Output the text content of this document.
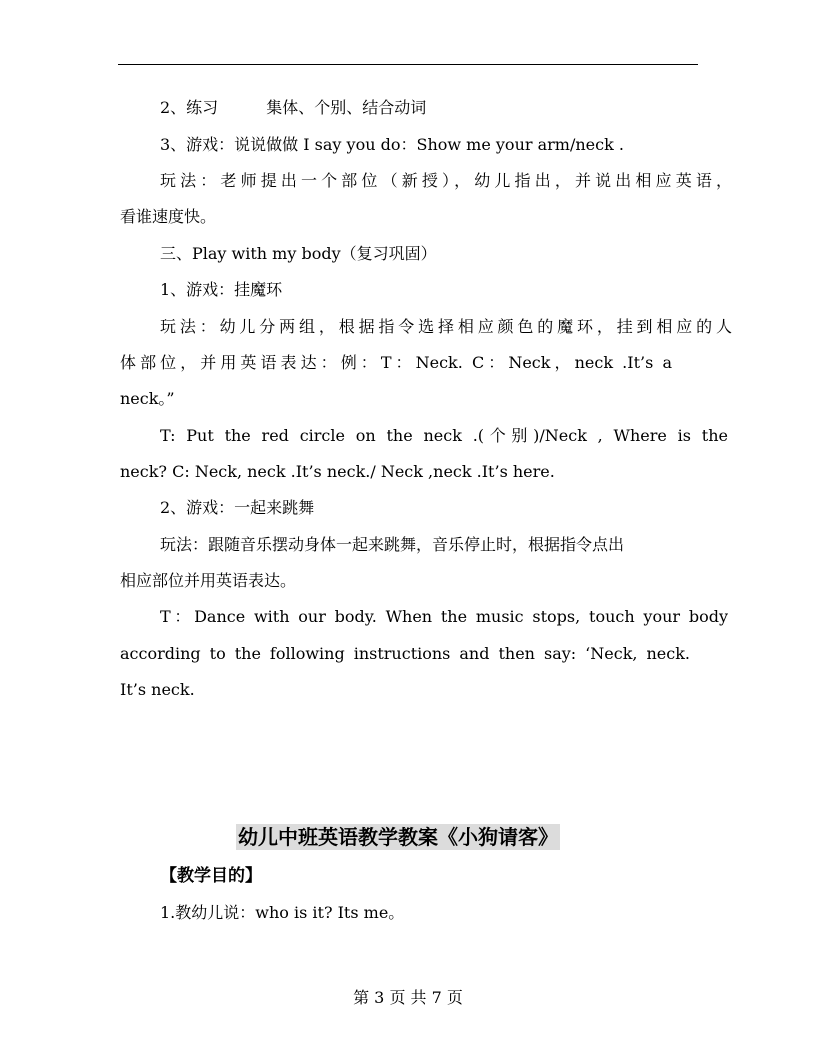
2、练习	集体、个别、结合动词
3、游戏：说说做做 I say you do：Show me your arm/neck .
玩法：老师提出一个部位（新授），幼儿指出，并说出相应英语，
看谁速度快。
三、Play with my body（复习巩固）
1、游戏：挂魔环
玩法：幼儿分两组，根据指令选择相应颜色的魔环，挂到相应的人
体部位，并用英语表达：例：T：Neck. C：Neck，neck .It’s a
neck。”
T: Put the red circle on the neck .(个别)/Neck , Where is the
neck? C: Neck, neck .It’s neck./ Neck ,neck .It’s here.
2、游戏：一起来跳舞
玩法：跟随音乐摆动身体一起来跳舞，音乐停止时，根据指令点出
相应部位并用英语表达。
T：Dance with our body. When the music stops, touch your body
according to the following instructions and then say: ‘Neck, neck.
It’s neck.
幼儿中班英语教学教案《小狗请客》
【教学目的】
1.教幼儿说：who is it? Its me。
第 3 页 共 7 页
